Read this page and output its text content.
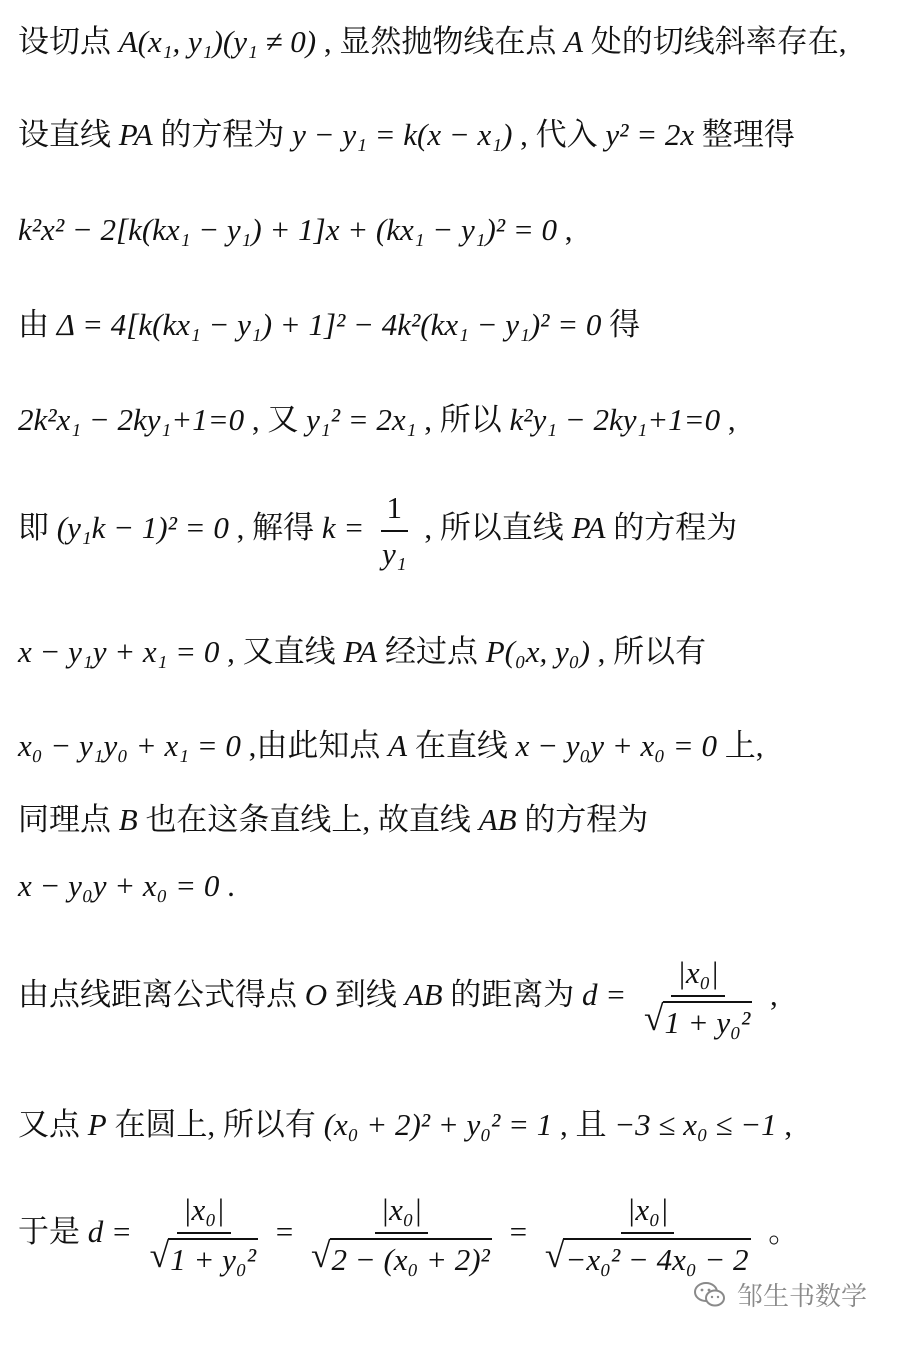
设切点 A(x₁, y₁)(y₁ ≠ 0) , 显然抛物线在点 A 处的切线斜率存在,
设直线 PA 的方程为 y − y₁ = k(x − x₁) , 代入 y² = 2x 整理得
k²x² − 2[k(kx₁ − y₁) + 1]x + (kx₁ − y₁)² = 0 ,
由 Δ = 4[k(kx₁ − y₁) + 1]² − 4k²(kx₁ − y₁)² = 0 得
2k²x₁ − 2ky₁+1=0 , 又 y₁² = 2x₁ , 所以 k²y₁ − 2ky₁+1=0 ,
即 (y₁k − 1)² = 0 , 解得 $k = \frac{1}{\text{y₁}}$ , 所以直线 PA 的方程为
x − y₁y + x₁ = 0 , 又直线 PA 经过点 P(₀x, y₀) , 所以有
x₀ − y₁y₀ + x₁ = 0 ,由此知点 A 在直线 x − y₀y + x₀ = 0 上,
同理点 B 也在这条直线上, 故直线 AB 的方程为
x − y₀y + x₀ = 0 .
由点线距离公式得点 O 到线 AB 的距离为 $d = \frac{\text{|x₀|}}{\text{√ 1 + y₀²}}$ ,
又点 P 在圆上, 所以有 (x₀ + 2)² + y₀² = 1 , 且 −3 ≤ x₀ ≤ −1 ,
于是 $d = \frac{\text{|x₀|}}{\text{√ 1 + y₀²}} = \frac{\text{|x₀|}}{\text{√ 2 − (x₀ + 2)²}} = \frac{\text{|x₀|}}{\text{√ −x₀² − 4x₀ − 2}}$ 。
邹生书数学
